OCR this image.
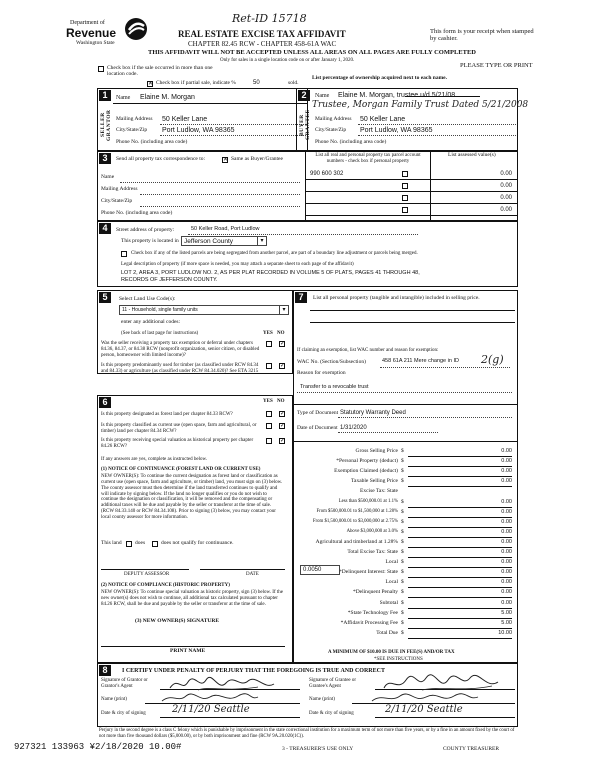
Department of
Revenue
Washington State
Ret-ID 15718
REAL ESTATE EXCISE TAX AFFIDAVIT
CHAPTER 82.45 RCW - CHAPTER 458-61A WAC
THIS AFFIDAVIT WILL NOT BE ACCEPTED UNLESS ALL AREAS ON ALL PAGES ARE FULLY COMPLETED
Only for sales in a single location code on or after January 1, 2020.
This form is your receipt when stamped by cashier.
PLEASE TYPE OR PRINT
Check box if the sale occurred in more than one location code.
✕ Check box if partial sale, indicate %	50	sold.
List percentage of ownership acquired next to each name.
1
SELLER GRANTOR
Name Elaine M. Morgan
Mailing Address 50 Keller Lane
City/State/Zip Port Ludlow, WA 98365
Phone No. (including area code)
2
BUYER GRANTEE
Name Elaine M. Morgan, trustee u/d 5/21/08
Trustee, Morgan Family Trust Dated 5/21/2008
Mailing Address 50 Keller Lane
City/State/Zip Port Ludlow, WA 98365
Phone No. (including area code)
3	Send all property tax correspondence to:	✕ Same as Buyer/Grantee
Name
Mailing Address
City/State/Zip
Phone No. (including area code)
List all real and personal property tax parcel account numbers - check box if personal property
List assessed value(s)
990 600 302	0.00
0.00
0.00
0.00
4	Street address of property:	50 Keller Road, Port Ludlow
This property is located in Jefferson County	▾
Check box if any of the listed parcels are being segregated from another parcel, are part of a boundary line adjustment or parcels being merged.
Legal description of property (if more space is needed, you may attach a separate sheet to each page of the affidavit)
LOT 2, AREA 3, PORT LUDLOW NO. 2, AS PER PLAT RECORDED IN VOLUME 5 OF PLATS, PAGES 41 THROUGH 48, RECORDS OF JEFFERSON COUNTY.
5	Select Land Use Code(s):
11 - Household, single family units	▾
enter any additional codes:
(See back of last page for instructions)	YES NO
Was the seller receiving a property tax exemption or deferral under chapters 84.36, 84.37, or 84.38 RCW (nonprofit organization, senior citizen, or disabled person, homeowner with limited income)?
✓
Is this property predominantly used for timber (as classified under RCW 84.34 and 84.33) or agriculture (as classified under RCW 84.34.020)? See ETA 3215
✓
6	YES NO
Is this property designated as forest land per chapter 84.33 RCW?	✓
Is this property classified as current use (open space, farm and agricultural, or timber) land per chapter 84.34 RCW?
✓
Is this property receiving special valuation as historical property per chapter 84.26 RCW?
✓
If any answers are yes, complete as instructed below.
(1) NOTICE OF CONTINUANCE (FOREST LAND OR CURRENT USE)
NEW OWNER(S): To continue the current designation as forest land or classification as current use (open space, farm and agriculture, or timber) land, you must sign on (3) below. The county assessor must then determine if the land transferred continues to qualify and will indicate by signing below. If the land no longer qualifies or you do not wish to continue the designation or classification, it will be removed and the compensating or additional taxes will be due and payable by the seller or transferor at the time of sale. (RCW 84.33.140 or RCW 84.34.108). Prior to signing (3) below, you may contact your local county assessor for more information.
This land does	does not qualify for continuance.
DEPUTY ASSESSOR	DATE
(2) NOTICE OF COMPLIANCE (HISTORIC PROPERTY)
NEW OWNER(S): To continue special valuation as historic property, sign (3) below. If the new owner(s) does not wish to continue, all additional tax calculated pursuant to chapter 84.26 RCW, shall be due and payable by the seller or transferor at the time of sale.
(3) NEW OWNER(S) SIGNATURE
PRINT NAME
7	List all personal property (tangible and intangible) included in selling price.
If claiming an exemption, list WAC number and reason for exemption:
WAC No. (Section/Subsection)	458 61A 211 Mere change in ID 2(g)
Reason for exemption
Transfer to a revocable trust
Type of Document Statutory Warranty Deed
Date of Document 1/31/2020
Gross Selling Price $	0.00
*Personal Property (deduct) $	0.00
Exemption Claimed (deduct) $	0.00
Taxable Selling Price $	0.00
Excise Tax: State
Less than $500,000.01 at 1.1% $	0.00
From $500,000.01 to $1,500,000 at 1.28% $	0.00
From $1,500,000.01 to $3,000,000 at 2.75% $	0.00
Above $3,000,000 at 3.0% $	0.00
Agricultural and timberland at 1.28% $	0.00
Total Excise Tax: State $	0.00
Local $	0.00
*Delinquent Interest: State $	0.00
Local $	0.00
*Delinquent Penalty $	0.00
Subtotal $	0.00
*State Technology Fee $	5.00
*Affidavit Processing Fee $	5.00
Total Due $	10.00
0.0050
A MINIMUM OF $10.00 IS DUE IN FEE(S) AND/OR TAX
*SEE INSTRUCTIONS
8	I CERTIFY UNDER PENALTY OF PERJURY THAT THE FOREGOING IS TRUE AND CORRECT
Signature of Grantor or Grantor's Agent
Name (print)
Date & city of signing	2/11/20 Seattle
Signature of Grantee or Grantee's Agent
Name (print)
Date & city of signing	2/11/20 Seattle
Perjury in the second degree is a class C felony which is punishable by imprisonment in the state correctional institution for a maximum term of not more than five years, or by a fine in an amount fixed by the court of not more than five thousand dollars ($5,000.00), or by both imprisonment and fine (RCW 9A.20.020(1C)).
927321 133963 ¥2/18/2020 10.00#	3 - TREASURER'S USE ONLY	COUNTY TREASURER
